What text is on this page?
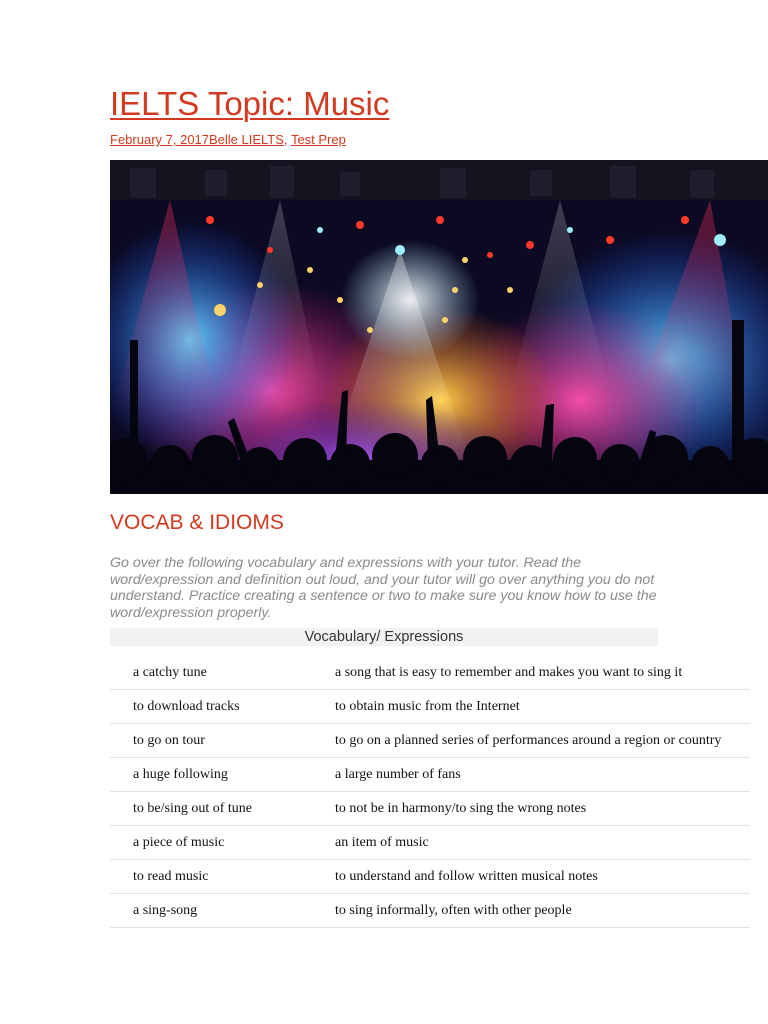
IELTS Topic: Music
February 7, 2017Belle LIELTS, Test Prep
VOCAB & IDIOMS

Go over the following vocabulary and expressions with your tutor. Read the word/expression and definition out loud, and your tutor will go over anything you do not understand. Practice creating a sentence or two to make sure you know how to use the word/expression properly.

Vocabulary/ Expressions
a catchy tune	a song that is easy to remember and makes you want to sing it
to download tracks	to obtain music from the Internet
to go on tour	to go on a planned series of performances around a region or country
a huge following	a large number of fans
to be/sing out of tune	to not be in harmony/to sing the wrong notes
a piece of music	an item of music
to read music	to understand and follow written musical notes
a sing-song	to sing informally, often with other people
